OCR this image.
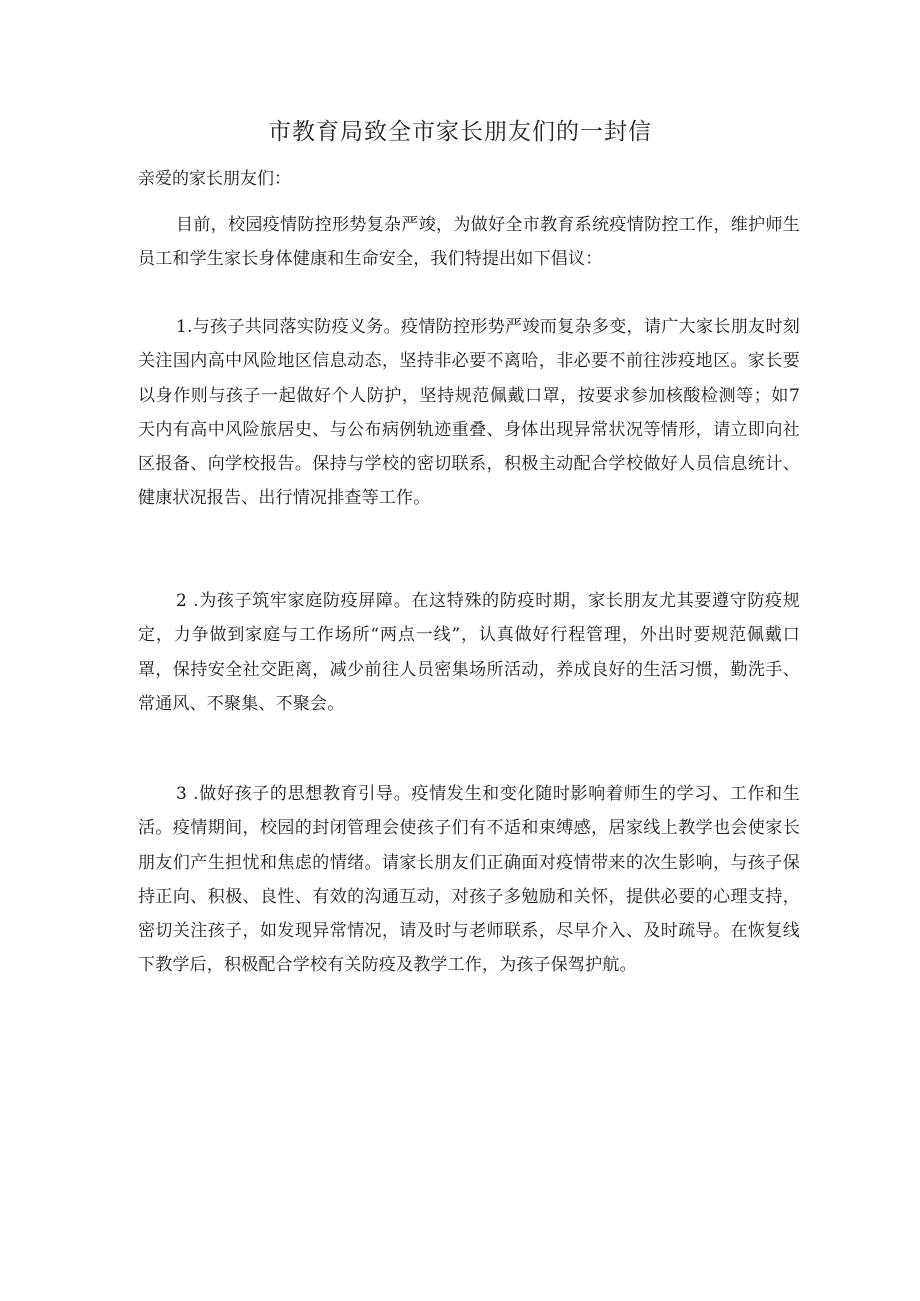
市教育局致全市家长朋友们的一封信

亲爱的家长朋友们：

目前，校园疫情防控形势复杂严竣，为做好全市教育系统疫情防控工作，维护师生员工和学生家长身体健康和生命安全，我们特提出如下倡议：

1.与孩子共同落实防疫义务。疫情防控形势严竣而复杂多变，请广大家长朋友时刻关注国内高中风险地区信息动态，坚持非必要不离哈，非必要不前往涉疫地区。家长要以身作则与孩子一起做好个人防护，坚持规范佩戴口罩，按要求参加核酸检测等；如7天内有高中风险旅居史、与公布病例轨迹重叠、身体出现异常状况等情形，请立即向社区报备、向学校报告。保持与学校的密切联系，积极主动配合学校做好人员信息统计、健康状况报告、出行情况排查等工作。

2 .为孩子筑牢家庭防疫屏障。在这特殊的防疫时期，家长朋友尤其要遵守防疫规定，力争做到家庭与工作场所“两点一线”，认真做好行程管理，外出时要规范佩戴口罩，保持安全社交距离，减少前往人员密集场所活动，养成良好的生活习惯，勤洗手、常通风、不聚集、不聚会。

3 .做好孩子的思想教育引导。疫情发生和变化随时影响着师生的学习、工作和生活。疫情期间，校园的封闭管理会使孩子们有不适和束缚感，居家线上教学也会使家长朋友们产生担忧和焦虑的情绪。请家长朋友们正确面对疫情带来的次生影响，与孩子保持正向、积极、良性、有效的沟通互动，对孩子多勉励和关怀，提供必要的心理支持，密切关注孩子，如发现异常情况，请及时与老师联系，尽早介入、及时疏导。在恢复线下教学后，积极配合学校有关防疫及教学工作，为孩子保驾护航。
